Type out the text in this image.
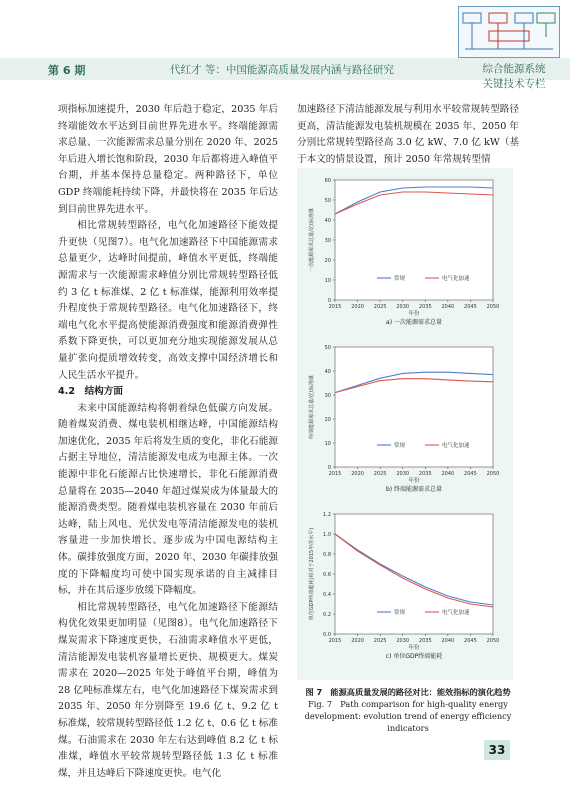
第 6 期	代红才 等：中国能源高质量发展内涵与路径研究	综合能源系统
关键技术专栏

项指标加速提升，2030 年后趋于稳定，2035 年后终端能效水平达到目前世界先进水平。终端能源需求总量、一次能源需求总量分别在 2020 年、2025 年后进入增长饱和阶段，2030 年后都将进入峰值平台期，并基本保持总量稳定。两种路径下，单位 GDP 终端能耗持续下降，并最快将在 2035 年后达到目前世界先进水平。

相比常规转型路径，电气化加速路径下能效提升更快（见图7）。电气化加速路径下中国能源需求总量更少，达峰时间提前，峰值水平更低，终端能源需求与一次能源需求峰值分别比常规转型路径低约 3 亿 t 标准煤、2 亿 t 标准煤，能源利用效率提升程度快于常规转型路径。电气化加速路径下，终端电气化水平提高使能源消费强度和能源消费弹性系数下降更快，可以更加充分地实现能源发展从总量扩张向提质增效转变，高效支撑中国经济增长和人民生活水平提升。

4.2　结构方面

未来中国能源结构将朝着绿色低碳方向发展。随着煤炭消费、煤电装机相继达峰，中国能源结构加速优化，2035 年后将发生质的变化，非化石能源占据主导地位，清洁能源发电成为电源主体。一次能源中非化石能源占比快速增长，非化石能源消费总量将在 2035—2040 年超过煤炭成为体量最大的能源消费类型。随着煤电装机容量在 2030 年前后达峰，陆上风电、光伏发电等清洁能源发电的装机容量进一步加快增长、逐步成为中国电源结构主体。碳排放强度方面，2020 年、2030 年碳排放强度的下降幅度均可使中国实现承诺的自主减排目标，并在其后逐步放缓下降幅度。

相比常规转型路径，电气化加速路径下能源结构优化效果更加明显（见图8）。电气化加速路径下煤炭需求下降速度更快，石油需求峰值水平更低，清洁能源发电装机容量增长更快、规模更大。煤炭需求在 2020—2025 年处于峰值平台期，峰值为 28 亿吨标准煤左右，电气化加速路径下煤炭需求到 2035 年、2050 年分别降至 19.6 亿 t、9.2 亿 t 标准煤，较常规转型路径低 1.2 亿 t、0.6 亿 t 标准煤。石油需求在 2030 年左右达到峰值 8.2 亿 t 标准煤，峰值水平较常规转型路径低 1.3 亿 t 标准煤，并且达峰后下降速度更快。电气化

加速路径下清洁能源发展与利用水平较常规转型路径更高，清洁能源发电装机规模在 2035 年、2050 年分别比常规转型路径高 3.0 亿 kW、7.0 亿 kW（基于本文的情景设置，预计 2050 年常规转型情

0
10
20
30
40
50
60
2015 2020 2025 2030 2035 2040 2045 2050
年份
一次能源需求总量/亿t标准煤
a) 一次能源需求总量
常规	电气化加速
0
10
20
30
40
50
2015 2020 2025 2030 2035 2040 2045 2050
年份
终端能源需求总量/亿t标准煤
b) 终端能源需求总量
常规	电气化加速
0.0
0.2
0.4
0.6
0.8
1.0
1.2
2015 2020 2025 2030 2035 2040 2045 2050
年份
单位GDP终端能耗(相对于2015年的水平)
c) 单位GDP终端能耗
常规	电气化加速
图 7　能源高质量发展的路径对比：能效指标的演化趋势
Fig. 7　Path comparison for high-quality energy development: evolution trend of energy efficiency indicators
33
